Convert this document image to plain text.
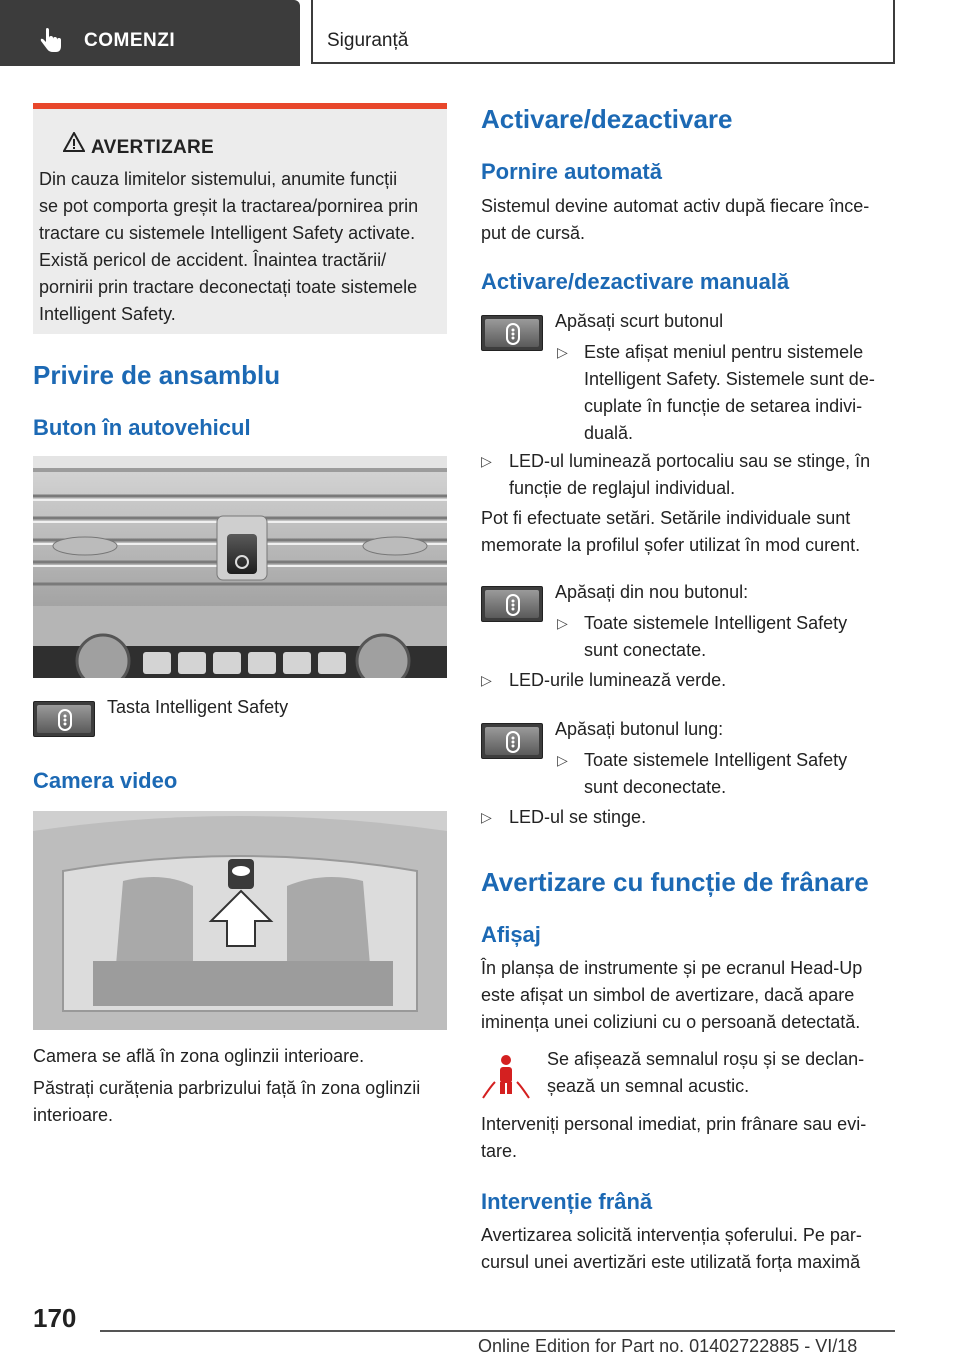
COMENZI	Siguranță
AVERTIZARE
Din cauza limitelor sistemului, anumite funcții
se pot comporta greșit la tractarea/pornirea prin
tractare cu sistemele Intelligent Safety activate.
Există pericol de accident. Înaintea tractării/
pornirii prin tractare deconectați toate sistemele
Intelligent Safety.
Privire de ansamblu
Buton în autovehicul
Tasta Intelligent Safety
Camera video
Camera se află în zona oglinzii interioare.
Păstrați curățenia parbrizului față în zona oglinzii
interioare.
Activare/dezactivare
Pornire automată
Sistemul devine automat activ după fiecare înce-
put de cursă.
Activare/dezactivare manuală
Apăsați scurt butonul
▷ Este afișat meniul pentru sistemele
Intelligent Safety. Sistemele sunt de-
cuplate în funcție de setarea indivi-
duală.
▷ LED-ul luminează portocaliu sau se stinge, în
funcție de reglajul individual.
Pot fi efectuate setări. Setările individuale sunt
memorate la profilul șofer utilizat în mod curent.
Apăsați din nou butonul:
▷ Toate sistemele Intelligent Safety
sunt conectate.
▷ LED-urile luminează verde.
Apăsați butonul lung:
▷ Toate sistemele Intelligent Safety
sunt deconectate.
▷ LED-ul se stinge.
Avertizare cu funcție de frânare
Afișaj
În planșa de instrumente și pe ecranul Head-Up
este afișat un simbol de avertizare, dacă apare
iminența unei coliziuni cu o persoană detectată.
Se afișează semnalul roșu și se declan-
șează un semnal acustic.
Interveniți personal imediat, prin frânare sau evi-
tare.
Intervenție frână
Avertizarea solicită intervenția șoferului. Pe par-
cursul unei avertizări este utilizată forța maximă
170
Online Edition for Part no. 01402722885 - VI/18
